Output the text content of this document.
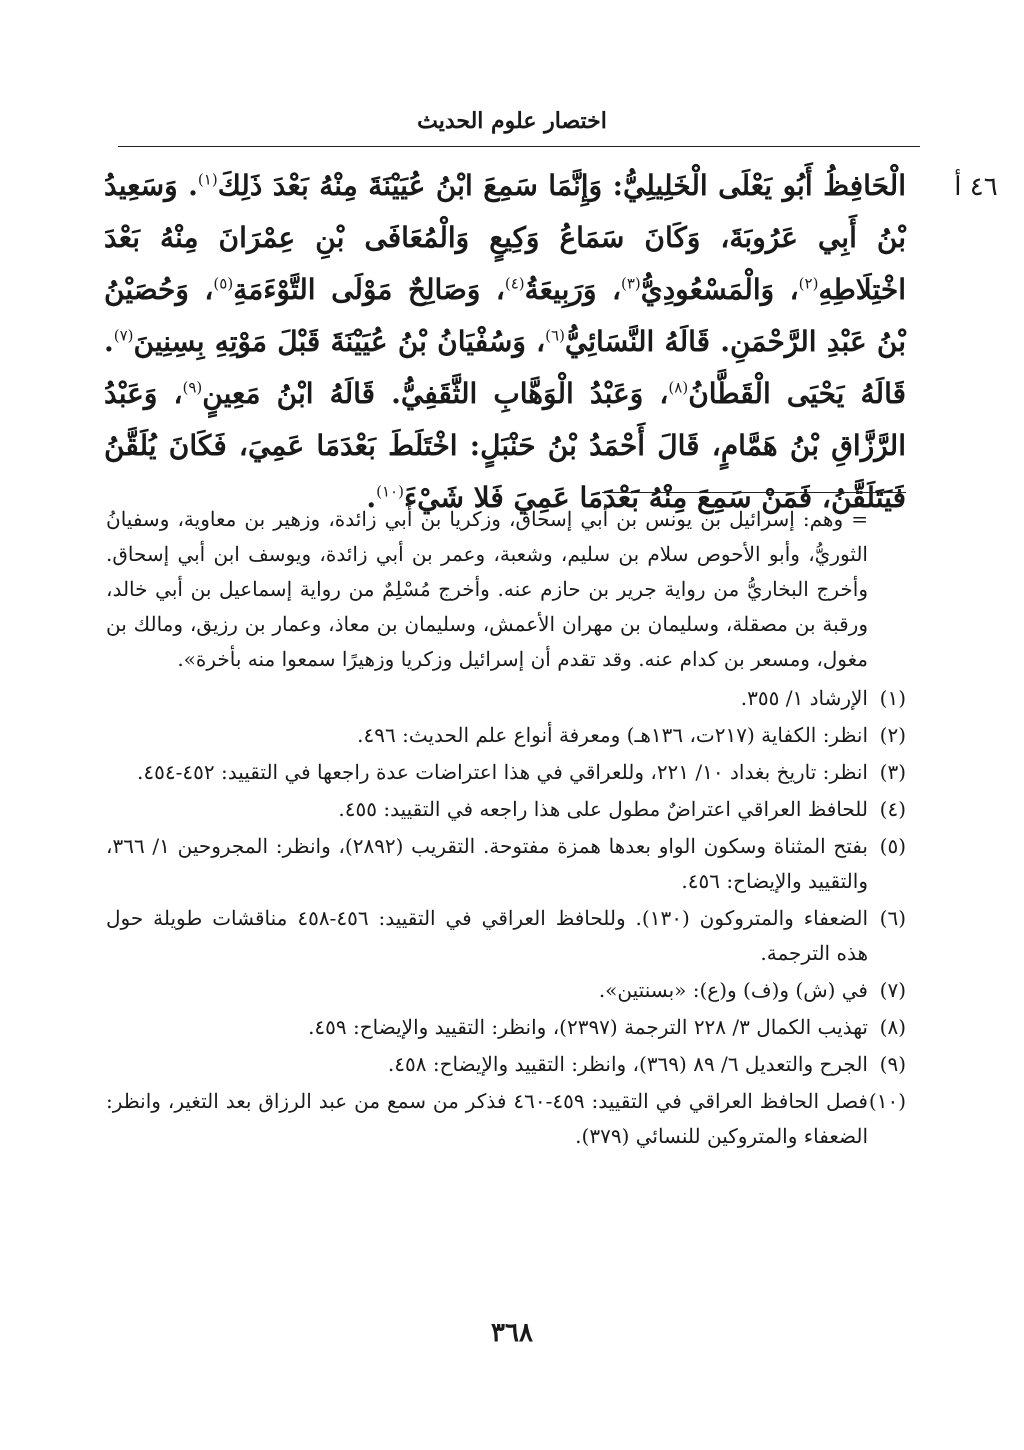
اختصار علوم الحديث
٤٦ أ

الْحَافِظُ أَبُو يَعْلَى الْخَلِيلِيُّ: وَإِنَّمَا سَمِعَ ابْنُ عُيَيْنَةَ مِنْهُ بَعْدَ ذَلِكَ$^{(١)}$. وَسَعِيدُ بْنُ أَبِي عَرُوبَةَ، وَكَانَ سَمَاعُ وَكِيعٍ وَالْمُعَافَى بْنِ عِمْرَانَ مِنْهُ بَعْدَ اخْتِلَاطِهِ$^{(٢)}$، وَالْمَسْعُودِيُّ$^{(٣)}$، وَرَبِيعَةُ$^{(٤)}$، وَصَالِحٌ مَوْلَى التَّوْءَمَةِ$^{(٥)}$، وَحُصَيْنُ بْنُ عَبْدِ الرَّحْمَنِ. قَالَهُ النَّسَائِيُّ$^{(٦)}$، وَسُفْيَانُ بْنُ عُيَيْنَةَ قَبْلَ مَوْتِهِ بِسِنِينَ$^{(٧)}$. قَالَهُ يَحْيَى الْقَطَّانُ$^{(٨)}$، وَعَبْدُ الْوَهَّابِ الثَّقَفِيُّ. قَالَهُ ابْنُ مَعِينٍ$^{(٩)}$، وَعَبْدُ الرَّزَّاقِ بْنُ هَمَّامٍ، قَالَ أَحْمَدُ بْنُ حَنْبَلٍ: اخْتَلَطَ بَعْدَمَا عَمِيَ، فَكَانَ يُلَقَّنُ فَيَتَلَقَّنُ، فَمَنْ سَمِعَ مِنْهُ بَعْدَمَا عَمِيَ فَلا شَيْءَ$^{(١٠)}$.

= وهم: إسرائيل بن يونس بن أبي إسحاق، وزكريا بن أبي زائدة، وزهير بن معاوية، وسفيانُ الثوريُّ، وأبو الأحوص سلام بن سليم، وشعبة، وعمر بن أبي زائدة، ويوسف ابن أبي إسحاق. وأخرج البخاريُّ من رواية جرير بن حازم عنه. وأخرج مُسْلِمٌ من رواية إسماعيل بن أبي خالد، ورقبة بن مصقلة، وسليمان بن مهران الأعمش، وسليمان بن معاذ، وعمار بن رزيق، ومالك بن مغول، ومسعر بن كدام عنه. وقد تقدم أن إسرائيل وزكريا وزهيرًا سمعوا منه بأخرة».

(١)
الإرشاد ١/ ٣٥٥.

(٢)
انظر: الكفاية (٢١٧ت، ١٣٦هـ) ومعرفة أنواع علم الحديث: ٤٩٦.

(٣)
انظر: تاريخ بغداد ١٠/ ٢٢١، وللعراقي في هذا اعتراضات عدة راجعها في التقييد: ٤٥٢-٤٥٤.

(٤)
للحافظ العراقي اعتراضٌ مطول على هذا راجعه في التقييد: ٤٥٥.

(٥)
بفتح المثناة وسكون الواو بعدها همزة مفتوحة. التقريب (٢٨٩٢)، وانظر: المجروحين ١/ ٣٦٦، والتقييد والإيضاح: ٤٥٦.

(٦)
الضعفاء والمتروكون (١٣٠). وللحافظ العراقي في التقييد: ٤٥٦-٤٥٨ مناقشات طويلة حول هذه الترجمة.

(٧)
في (ش) و(ف) و(ع): «بسنتين».

(٨)
تهذيب الكمال ٣/ ٢٢٨ الترجمة (٢٣٩٧)، وانظر: التقييد والإيضاح: ٤٥٩.

(٩)
الجرح والتعديل ٦/ ٨٩ (٣٦٩)، وانظر: التقييد والإيضاح: ٤٥٨.

(١٠)
فصل الحافظ العراقي في التقييد: ٤٥٩-٤٦٠ فذكر من سمع من عبد الرزاق بعد التغير، وانظر: الضعفاء والمتروكين للنسائي (٣٧٩).

٣٦٨
